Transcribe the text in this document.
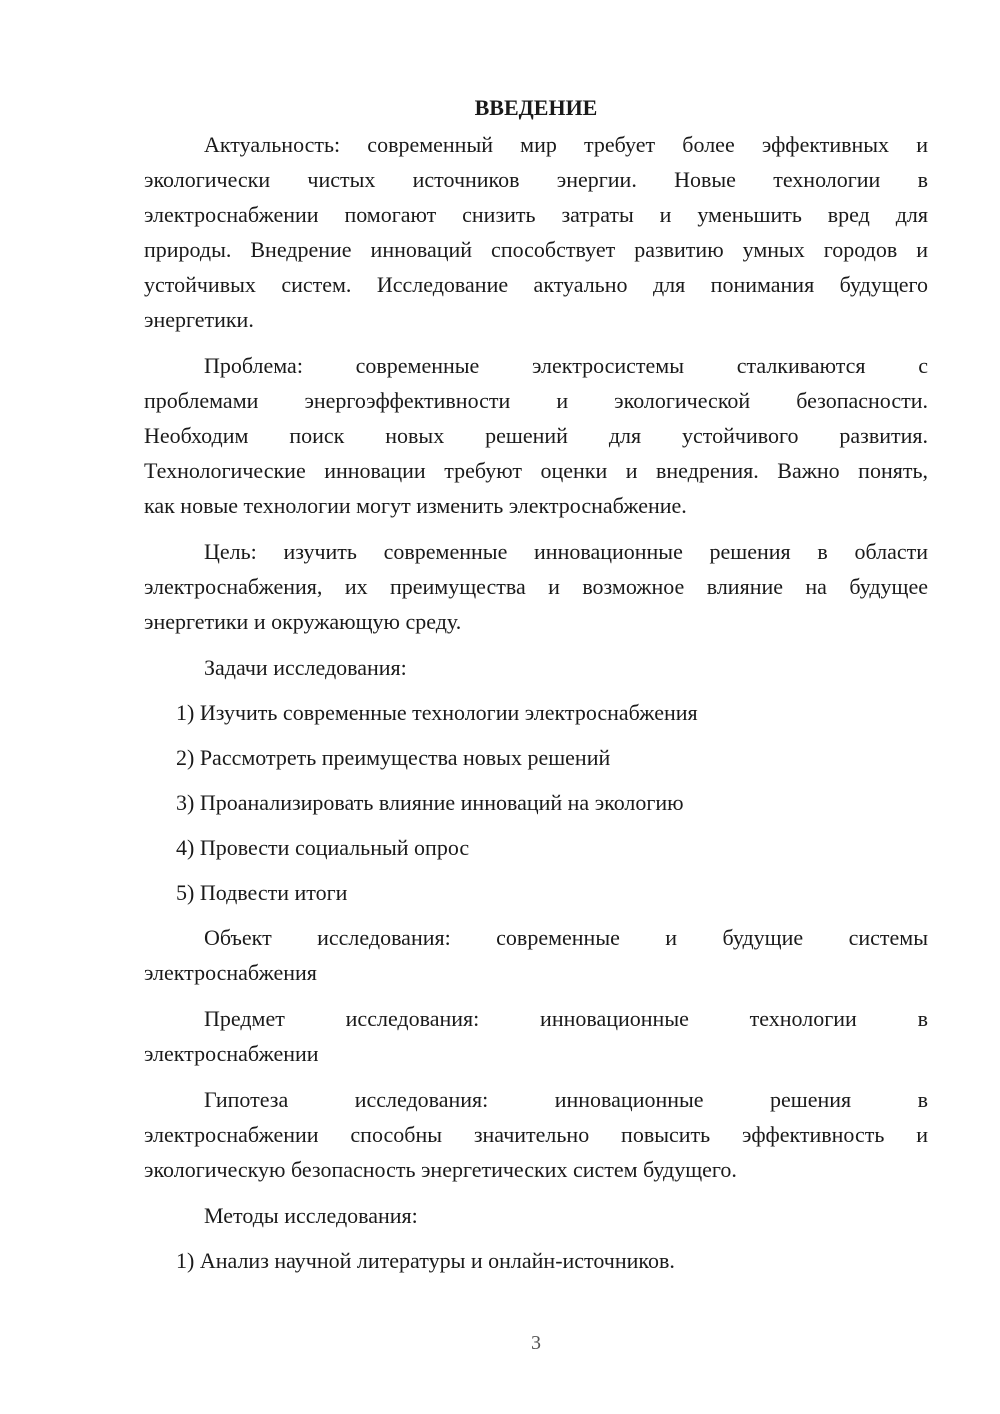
ВВЕДЕНИЕ
Актуальность: современный мир требует более эффективных и
экологически чистых источников энергии. Новые технологии в
электроснабжении помогают снизить затраты и уменьшить вред для
природы. Внедрение инноваций способствует развитию умных городов и
устойчивых систем. Исследование актуально для понимания будущего
энергетики.
Проблема: современные электросистемы сталкиваются с
проблемами энергоэффективности и экологической безопасности.
Необходим поиск новых решений для устойчивого развития.
Технологические инновации требуют оценки и внедрения. Важно понять,
как новые технологии могут изменить электроснабжение.
Цель: изучить современные инновационные решения в области
электроснабжения, их преимущества и возможное влияние на будущее
энергетики и окружающую среду.
Задачи исследования:
1) Изучить современные технологии электроснабжения
2) Рассмотреть преимущества новых решений
3) Проанализировать влияние инноваций на экологию
4) Провести социальный опрос
5) Подвести итоги
Объект исследования: современные и будущие системы
электроснабжения
Предмет исследования: инновационные технологии в
электроснабжении
Гипотеза исследования: инновационные решения в
электроснабжении способны значительно повысить эффективность и
экологическую безопасность энергетических систем будущего.
Методы исследования:
1) Анализ научной литературы и онлайн-источников.
3
